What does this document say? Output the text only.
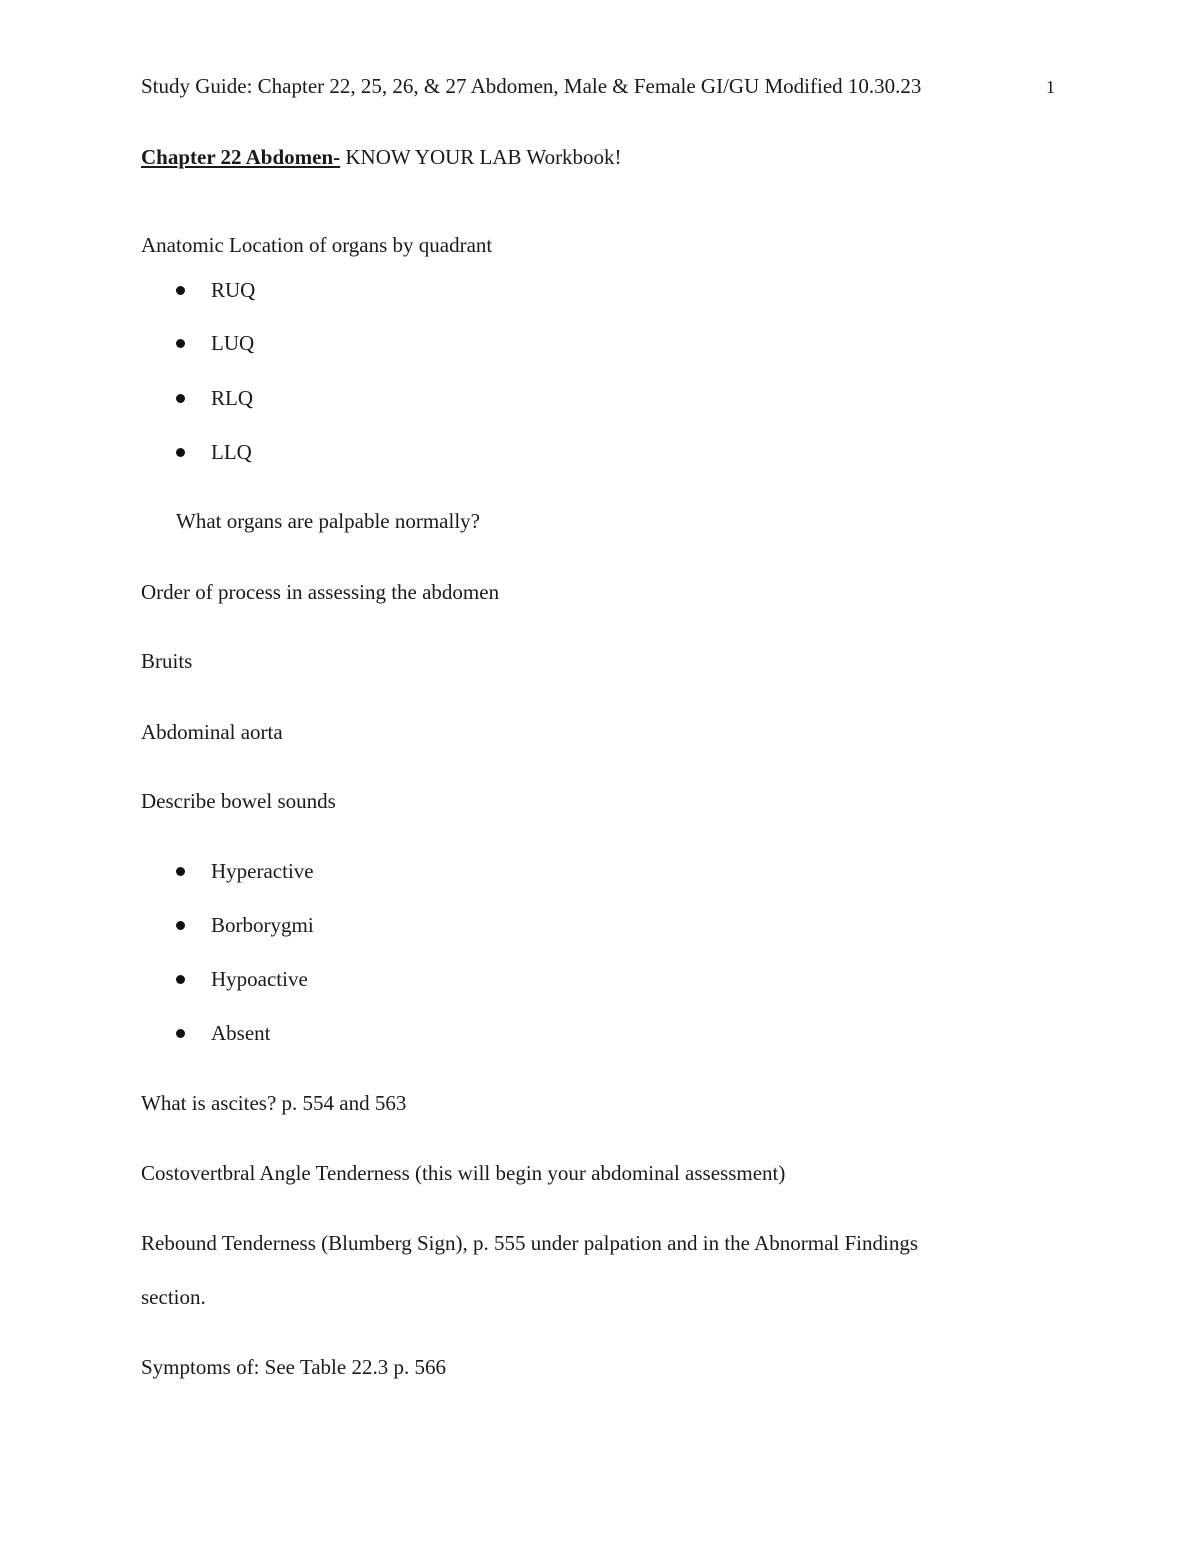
Study Guide: Chapter 22, 25, 26, & 27 Abdomen, Male & Female GI/GU Modified 10.30.23	1
Chapter 22 Abdomen- KNOW YOUR LAB Workbook!
Anatomic Location of organs by quadrant
RUQ
LUQ
RLQ
LLQ
What organs are palpable normally?
Order of process in assessing the abdomen
Bruits
Abdominal aorta
Describe bowel sounds
Hyperactive
Borborygmi
Hypoactive
Absent
What is ascites? p. 554 and 563
Costovertbral Angle Tenderness (this will begin your abdominal assessment)
Rebound Tenderness (Blumberg Sign), p. 555 under palpation and in the Abnormal Findings
section.
Symptoms of: See Table 22.3 p. 566
